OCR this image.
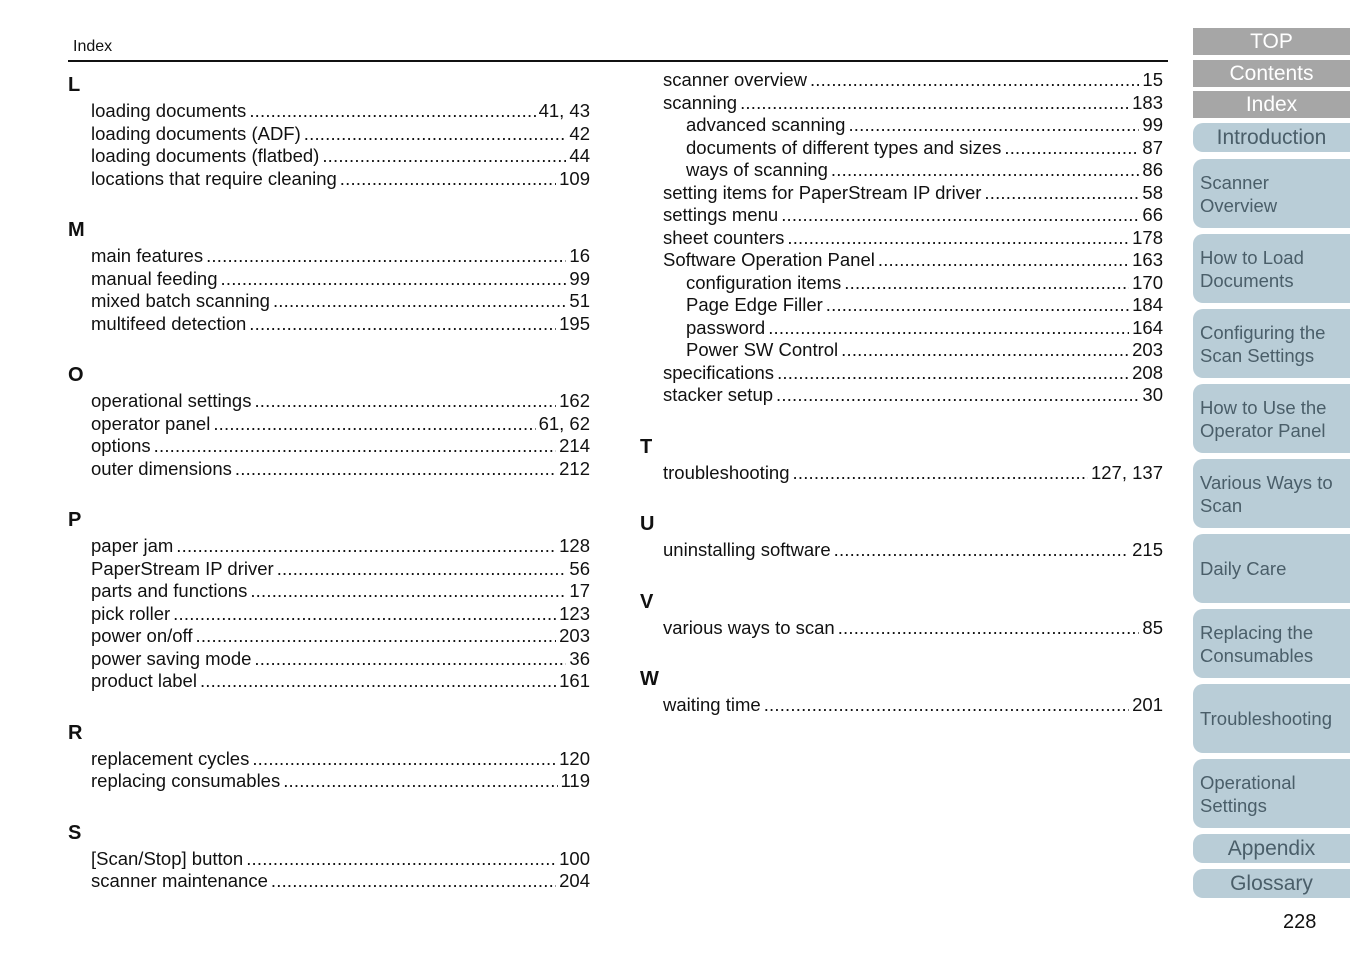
Index
L
loading documents .....	41, 43
loading documents (ADF) .....	42
loading documents (flatbed) .....	44
locations that require cleaning .....	109
M
main features .....	16
manual feeding .....	99
mixed batch scanning .....	51
multifeed detection .....	195
O
operational settings .....	162
operator panel .....	61, 62
options .....	214
outer dimensions .....	212
P
paper jam .....	128
PaperStream IP driver .....	56
parts and functions .....	17
pick roller .....	123
power on/off .....	203
power saving mode .....	36
product label .....	161
R
replacement cycles .....	120
replacing consumables .....	119
S
[Scan/Stop] button .....	100
scanner maintenance .....	204
scanner overview .....	15
scanning .....	183
advanced scanning .....	99
documents of different types and sizes .....	87
ways of scanning .....	86
setting items for PaperStream IP driver .....	58
settings menu .....	66
sheet counters .....	178
Software Operation Panel .....	163
configuration items .....	170
Page Edge Filler .....	184
password .....	164
Power SW Control .....	203
specifications .....	208
stacker setup .....	30
T
troubleshooting .....	127, 137
U
uninstalling software .....	215
V
various ways to scan .....	85
W
waiting time .....	201
TOP
Contents
Index
Introduction
Scanner Overview
How to Load Documents
Configuring the Scan Settings
How to Use the Operator Panel
Various Ways to Scan
Daily Care
Replacing the Consumables
Troubleshooting
Operational Settings
Appendix
Glossary
228
